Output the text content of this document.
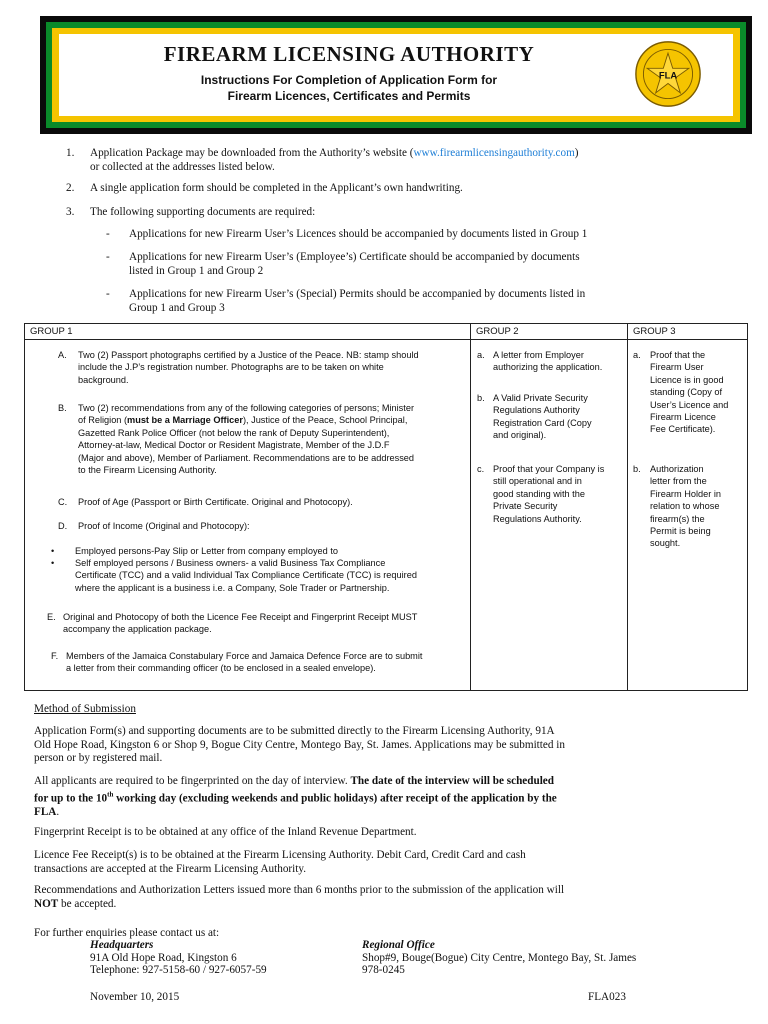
FIREARM LICENSING AUTHORITY
Instructions For Completion of Application Form for
Firearm Licences, Certificates and Permits
FLA
1. Application Package may be downloaded from the Authority’s website (www.firearmlicensingauthority.com)
or collected at the addresses listed below.
2. A single application form should be completed in the Applicant’s own handwriting.
3. The following supporting documents are required:
- Applications for new Firearm User’s Licences should be accompanied by documents listed in Group 1
- Applications for new Firearm User’s (Employee’s) Certificate should be accompanied by documents
listed in Group 1 and Group 2
- Applications for new Firearm User’s (Special) Permits should be accompanied by documents listed in
Group 1 and Group 3
GROUP 1	GROUP 2	GROUP 3
A. Two (2) Passport photographs certified by a Justice of the Peace. NB: stamp should
include the J.P’s registration number. Photographs are to be taken on white
background.
B. Two (2) recommendations from any of the following categories of persons; Minister
of Religion (must be a Marriage Officer), Justice of the Peace, School Principal,
Gazetted Rank Police Officer (not below the rank of Deputy Superintendent),
Attorney-at-law, Medical Doctor or Resident Magistrate, Member of the J.D.F
(Major and above), Member of Parliament. Recommendations are to be addressed
to the Firearm Licensing Authority.
C. Proof of Age (Passport or Birth Certificate. Original and Photocopy).
D. Proof of Income (Original and Photocopy):
• Employed persons-Pay Slip or Letter from company employed to
• Self employed persons / Business owners- a valid Business Tax Compliance
Certificate (TCC) and a valid Individual Tax Compliance Certificate (TCC) is required
where the applicant is a business i.e. a Company, Sole Trader or Partnership.
E. Original and Photocopy of both the Licence Fee Receipt and Fingerprint Receipt MUST
accompany the application package.
F. Members of the Jamaica Constabulary Force and Jamaica Defence Force are to submit
a letter from their commanding officer (to be enclosed in a sealed envelope).
a. A letter from Employer
authorizing the application.
b. A Valid Private Security
Regulations Authority
Registration Card (Copy
and original).
c. Proof that your Company is
still operational and in
good standing with the
Private Security
Regulations Authority.
a. Proof that the
Firearm User
Licence is in good
standing (Copy of
User’s Licence and
Firearm Licence
Fee Certificate).
b. Authorization
letter from the
Firearm Holder in
relation to whose
firearm(s) the
Permit is being
sought.
Method of Submission
Application Form(s) and supporting documents are to be submitted directly to the Firearm Licensing Authority, 91A
Old Hope Road, Kingston 6 or Shop 9, Bogue City Centre, Montego Bay, St. James. Applications may be submitted in
person or by registered mail.
All applicants are required to be fingerprinted on the day of interview. The date of the interview will be scheduled
for up to the 10th working day (excluding weekends and public holidays) after receipt of the application by the
FLA.
Fingerprint Receipt is to be obtained at any office of the Inland Revenue Department.
Licence Fee Receipt(s) is to be obtained at the Firearm Licensing Authority. Debit Card, Credit Card and cash
transactions are accepted at the Firearm Licensing Authority.
Recommendations and Authorization Letters issued more than 6 months prior to the submission of the application will
NOT be accepted.
For further enquiries please contact us at:
Headquarters
91A Old Hope Road, Kingston 6
Telephone: 927-5158-60 / 927-6057-59
Regional Office
Shop#9, Bouge(Bogue) City Centre, Montego Bay, St. James
978-0245
November 10, 2015	FLA023
